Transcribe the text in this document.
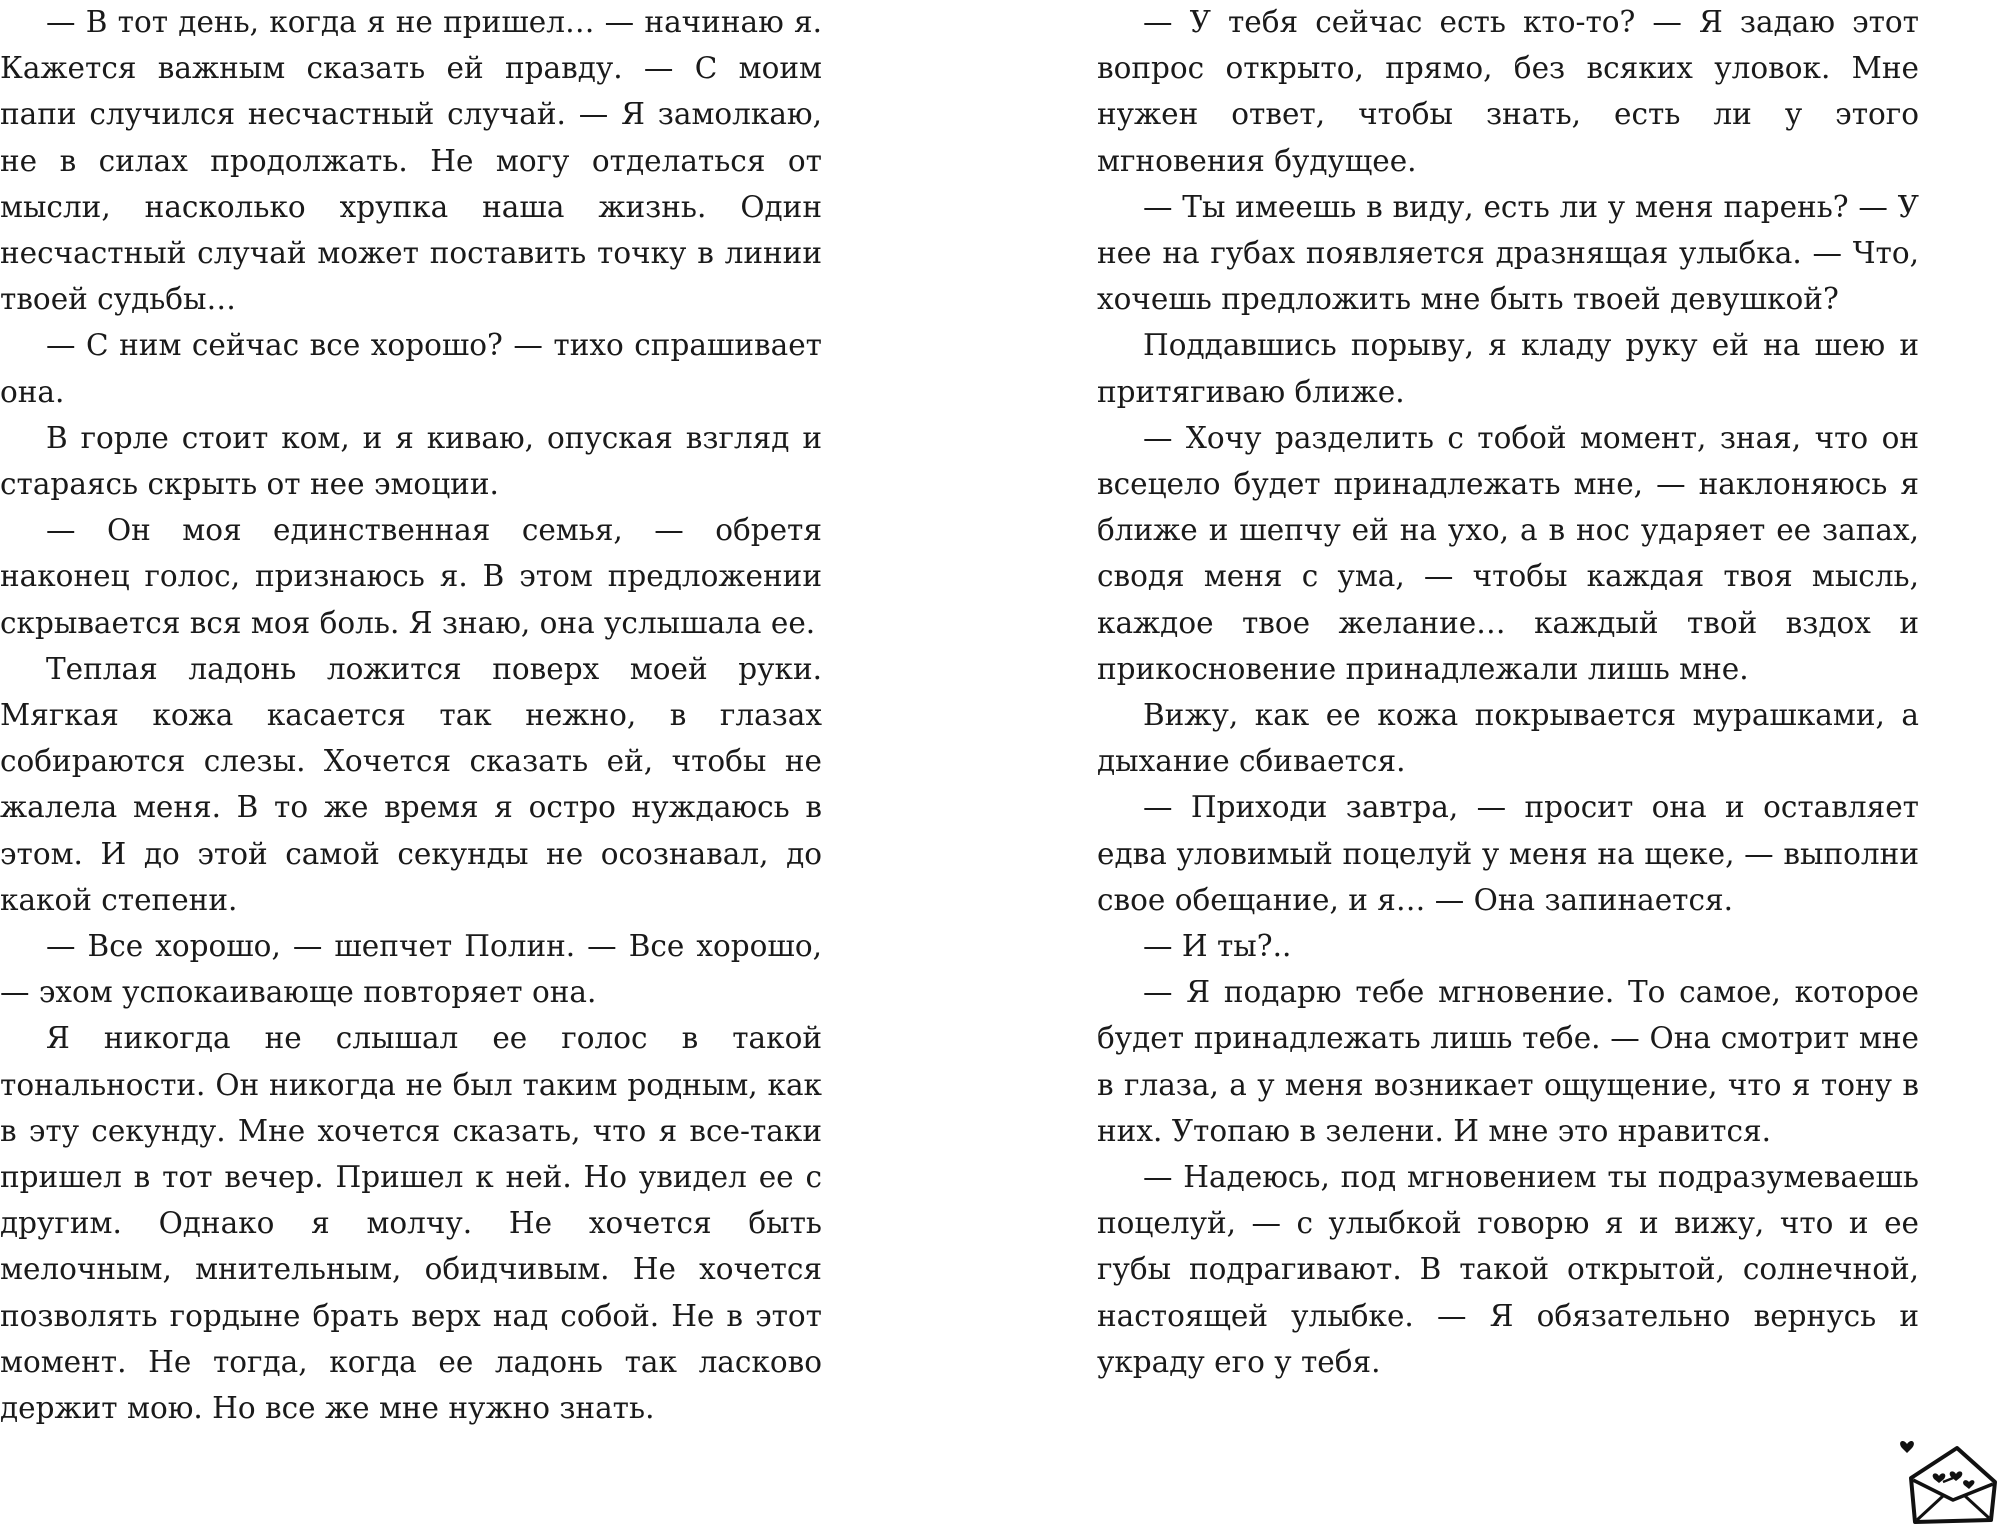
— В тот день, когда я не пришел… — начинаю я. Кажется важным сказать ей правду. — С моим папи случился несчастный случай. — Я замолкаю, не в силах продолжать. Не могу отделаться от мысли, насколько хрупка наша жизнь. Один несчастный случай может поставить точку в линии твоей судьбы…

— С ним сейчас все хорошо? — тихо спрашивает она.

В горле стоит ком, и я киваю, опуская взгляд и стараясь скрыть от нее эмоции.

— Он моя единственная семья, — обретя наконец голос, признаюсь я. В этом предложении скрывается вся моя боль. Я знаю, она услышала ее.

Теплая ладонь ложится поверх моей руки. Мягкая кожа касается так нежно, в глазах собираются слезы. Хочется сказать ей, чтобы не жалела меня. В то же время я остро нуждаюсь в этом. И до этой самой секунды не осознавал, до какой степени.

— Все хорошо, — шепчет Полин. — Все хорошо, — эхом успокаивающе повторяет она.

Я никогда не слышал ее голос в такой тональности. Он никогда не был таким родным, как в эту секунду. Мне хочется сказать, что я все-таки пришел в тот вечер. Пришел к ней. Но увидел ее с другим. Однако я молчу. Не хочется быть мелочным, мнительным, обидчивым. Не хочется позволять гордыне брать верх над собой. Не в этот момент. Не тогда, когда ее ладонь так ласково держит мою. Но все же мне нужно знать.

— У тебя сейчас есть кто-то? — Я задаю этот вопрос открыто, прямо, без всяких уловок. Мне нужен ответ, чтобы знать, есть ли у этого мгновения будущее.

— Ты имеешь в виду, есть ли у меня парень? — У нее на губах появляется дразнящая улыбка. — Что, хочешь предложить мне быть твоей девушкой?

Поддавшись порыву, я кладу руку ей на шею и притягиваю ближе.

— Хочу разделить с тобой момент, зная, что он всецело будет принадлежать мне, — наклоняюсь я ближе и шепчу ей на ухо, а в нос ударяет ее запах, сводя меня с ума, — чтобы каждая твоя мысль, каждое твое желание… каждый твой вздох и прикосновение принадлежали лишь мне.

Вижу, как ее кожа покрывается мурашками, а дыхание сбивается.

— Приходи завтра, — просит она и оставляет едва уловимый поцелуй у меня на щеке, — выполни свое обещание, и я… — Она запинается.

— И ты?..

— Я подарю тебе мгновение. То самое, которое будет принадлежать лишь тебе. — Она смотрит мне в глаза, а у меня возникает ощущение, что я тону в них. Утопаю в зелени. И мне это нравится.

— Надеюсь, под мгновением ты подразумеваешь поцелуй, — с улыбкой говорю я и вижу, что и ее губы подрагивают. В такой открытой, солнечной, настоящей улыбке. — Я обязательно вернусь и украду его у тебя.
